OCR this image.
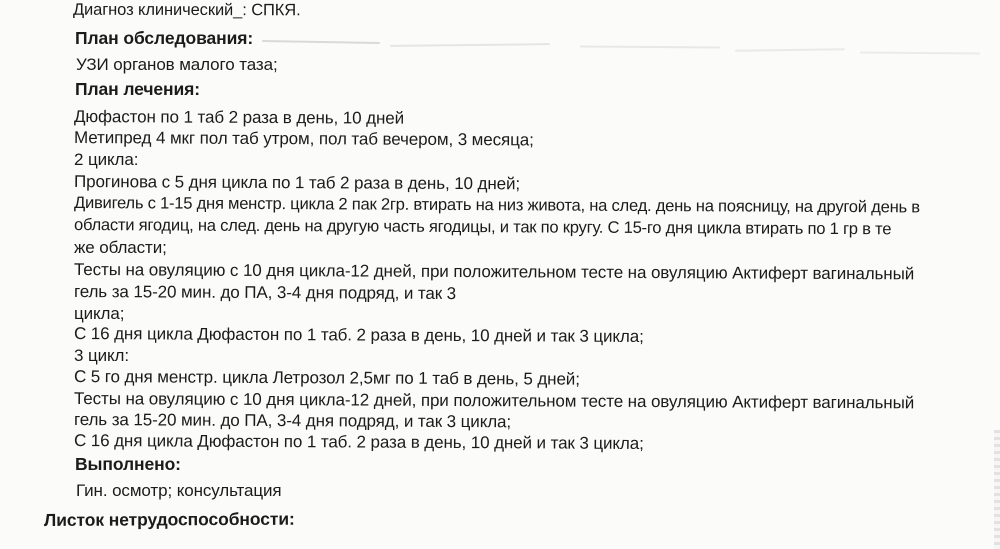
Диагноз клинический_: СПКЯ.
План обследования:
УЗИ органов малого таза;
План лечения:
Дюфастон по 1 таб 2 раза в день, 10 дней
Метипред 4 мкг пол таб утром, пол таб вечером, 3 месяца;
2 цикла:
Прогинова с 5 дня цикла по 1 таб 2 раза в день, 10 дней;
Дивигель с 1-15 дня менстр. цикла 2 пак 2гр. втирать на низ живота, на след. день на поясницу, на другой день в
области ягодиц, на след. день на другую часть ягодицы, и так по кругу. С 15-го дня цикла втирать по 1 гр в те
же области;
Тесты на овуляцию с 10 дня цикла-12 дней, при положительном тесте на овуляцию Актиферт вагинальный
гель за 15-20 мин. до ПА, 3-4 дня подряд, и так 3
цикла;
С 16 дня цикла Дюфастон по 1 таб. 2 раза в день, 10 дней и так 3 цикла;
3 цикл:
С 5 го дня менстр. цикла Летрозол 2,5мг по 1 таб в день, 5 дней;
Тесты на овуляцию с 10 дня цикла-12 дней, при положительном тесте на овуляцию Актиферт вагинальный
гель за 15-20 мин. до ПА, 3-4 дня подряд, и так 3 цикла;
С 16 дня цикла Дюфастон по 1 таб. 2 раза в день, 10 дней и так 3 цикла;
Выполнено:
Гин. осмотр; консультация
Листок нетрудоспособности:
